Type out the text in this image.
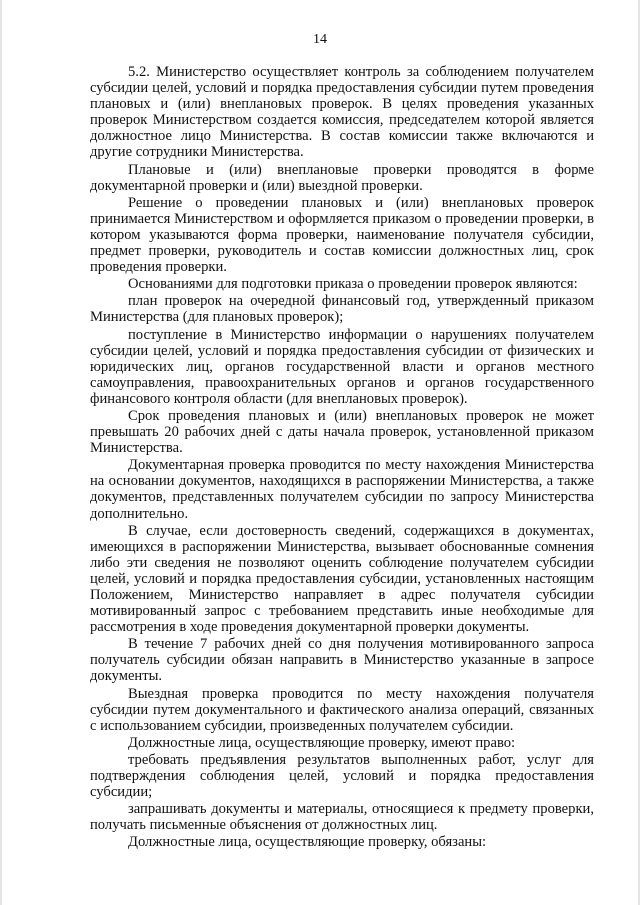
14

5.2. Министерство осуществляет контроль за соблюдением получателем субсидии целей, условий и порядка предоставления субсидии путем проведения плановых и (или) внеплановых проверок. В целях проведения указанных проверок Министерством создается комиссия, председателем которой является должностное лицо Министерства. В состав комиссии также включаются и другие сотрудники Министерства.

Плановые и (или) внеплановые проверки проводятся в форме документарной проверки и (или) выездной проверки.

Решение о проведении плановых и (или) внеплановых проверок принимается Министерством и оформляется приказом о проведении проверки, в котором указываются форма проверки, наименование получателя субсидии, предмет проверки, руководитель и состав комиссии должностных лиц, срок проведения проверки.

Основаниями для подготовки приказа о проведении проверок являются:

план проверок на очередной финансовый год, утвержденный приказом Министерства (для плановых проверок);

поступление в Министерство информации о нарушениях получателем субсидии целей, условий и порядка предоставления субсидии от физических и юридических лиц, органов государственной власти и органов местного самоуправления, правоохранительных органов и органов государственного финансового контроля области (для внеплановых проверок).

Срок проведения плановых и (или) внеплановых проверок не может превышать 20 рабочих дней с даты начала проверок, установленной приказом Министерства.

Документарная проверка проводится по месту нахождения Министерства на основании документов, находящихся в распоряжении Министерства, а также документов, представленных получателем субсидии по запросу Министерства дополнительно.

В случае, если достоверность сведений, содержащихся в документах, имеющихся в распоряжении Министерства, вызывает обоснованные сомнения либо эти сведения не позволяют оценить соблюдение получателем субсидии целей, условий и порядка предоставления субсидии, установленных настоящим Положением, Министерство направляет в адрес получателя субсидии мотивированный запрос с требованием представить иные необходимые для рассмотрения в ходе проведения документарной проверки документы.

В течение 7 рабочих дней со дня получения мотивированного запроса получатель субсидии обязан направить в Министерство указанные в запросе документы.

Выездная проверка проводится по месту нахождения получателя субсидии путем документального и фактического анализа операций, связанных с использованием субсидии, произведенных получателем субсидии.

Должностные лица, осуществляющие проверку, имеют право:

требовать предъявления результатов выполненных работ, услуг для подтверждения соблюдения целей, условий и порядка предоставления субсидии;

запрашивать документы и материалы, относящиеся к предмету проверки, получать письменные объяснения от должностных лиц.

Должностные лица, осуществляющие проверку, обязаны:
